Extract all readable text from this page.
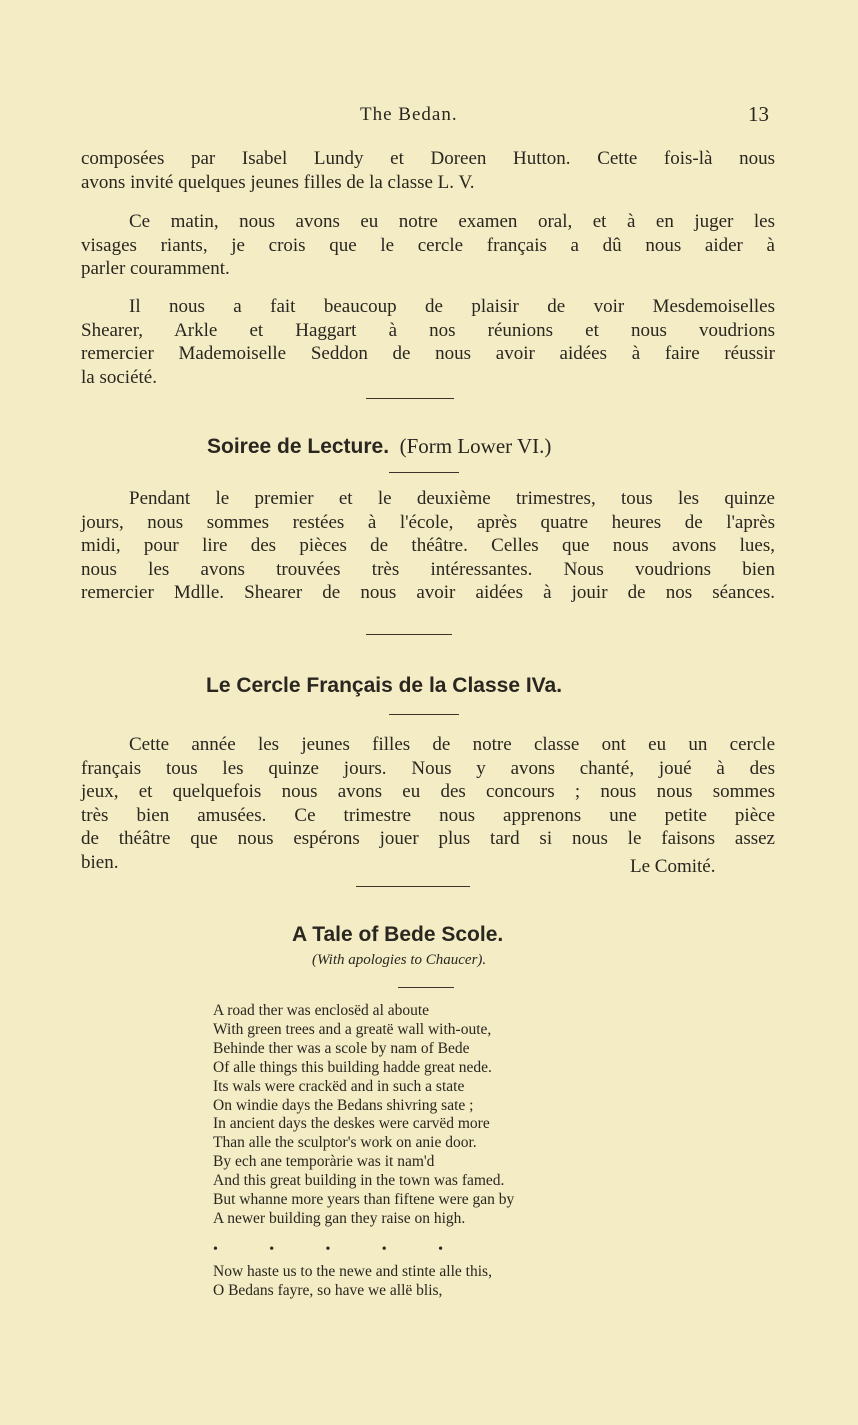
The Bedan.	13
composées par Isabel Lundy et Doreen Hutton. Cette fois-là nous
avons invité quelques jeunes filles de la classe L. V.
Ce matin, nous avons eu notre examen oral, et à en juger les
visages riants, je crois que le cercle français a dû nous aider à
parler couramment.
Il nous a fait beaucoup de plaisir de voir Mesdemoiselles
Shearer, Arkle et Haggart à nos réunions et nous voudrions
remercier Mademoiselle Seddon de nous avoir aidées à faire réussir
la société.
Soiree de Lecture. (Form Lower VI.)
Pendant le premier et le deuxième trimestres, tous les quinze
jours, nous sommes restées à l'école, après quatre heures de l'après
midi, pour lire des pièces de théâtre. Celles que nous avons lues,
nous les avons trouvées très intéressantes. Nous voudrions bien
remercier Mdlle. Shearer de nous avoir aidées à jouir de nos séances.
Le Cercle Français de la Classe IVa.
Cette année les jeunes filles de notre classe ont eu un cercle
français tous les quinze jours. Nous y avons chanté, joué à des
jeux, et quelquefois nous avons eu des concours ; nous nous sommes
très bien amusées. Ce trimestre nous apprenons une petite pièce
de théâtre que nous espérons jouer plus tard si nous le faisons assez
bien.	Le Comité.
A Tale of Bede Scole.
(With apologies to Chaucer).
A road ther was enclosëd al aboute
With green trees and a greatë wall with-oute,
Behinde ther was a scole by nam of Bede
Of alle things this building hadde great nede.
Its wals were crackëd and in such a state
On windie days the Bedans shivring sate ;
In ancient days the deskes were carvëd more
Than alle the sculptor's work on anie door.
By ech ane temporàrie was it nam'd
And this great building in the town was famed.
But whanne more years than fiftene were gan by
A newer building gan they raise on high.
•	•	•	•	•
Now haste us to the newe and stinte alle this,
O Bedans fayre, so have we allë blis,
